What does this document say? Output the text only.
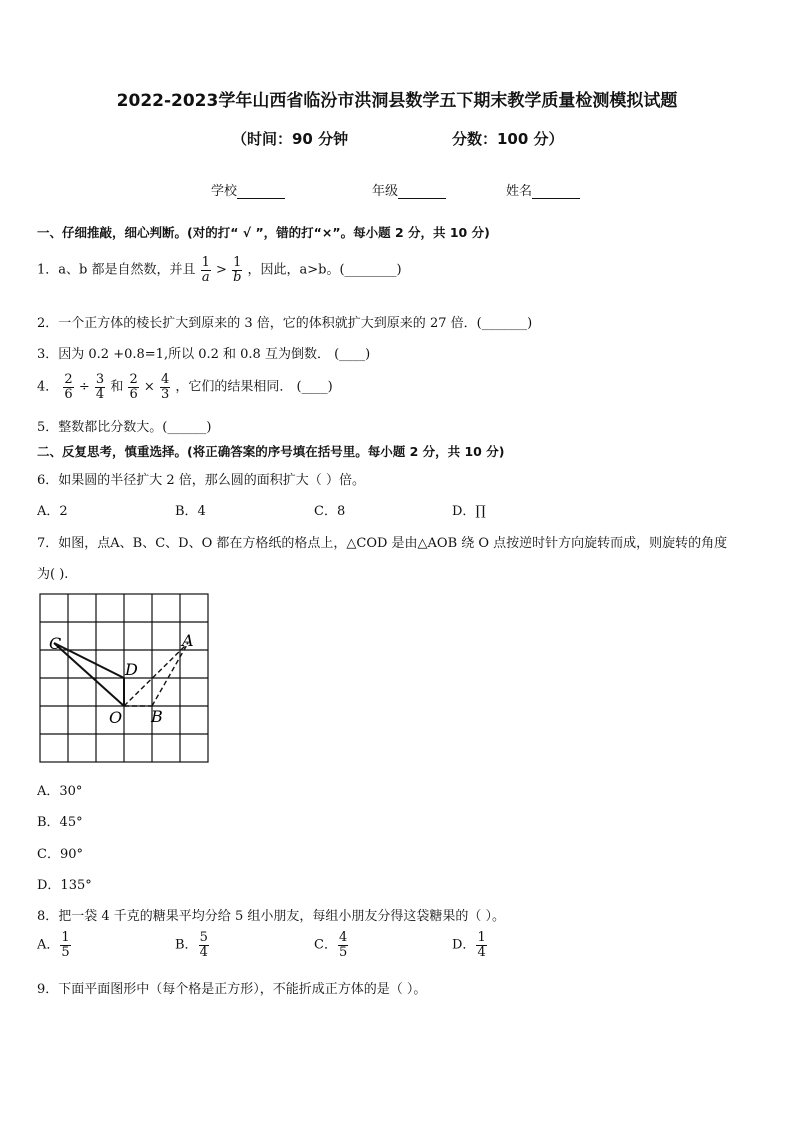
2022-2023学年山西省临汾市洪洞县数学五下期末教学质量检测模拟试题
（时间：90 分钟	分数：100 分）
学校	年级	姓名
一、仔细推敲，细心判断。(对的打“ √ ”，错的打“×”。每小题 2 分，共 10 分)
1．a、b 都是自然数，并且 $\frac{1}{a} > \frac{1}{b}$ ，因此，a>b。(________)
2．一个正方体的棱长扩大到原来的 3 倍，它的体积就扩大到原来的 27 倍．(_______)
3．因为 0.2 +0.8=1,所以 0.2 和 0.8 互为倒数． (____)
4． $\frac{2}{6} \div \frac{3}{4}$ 和 $\frac{2}{6} \times \frac{4}{3}$ ，它们的结果相同． (____)
5．整数都比分数大。(______)
二、反复思考，慎重选择。(将正确答案的序号填在括号里。每小题 2 分，共 10 分)
6．如果圆的半径扩大 2 倍，那么圆的面积扩大（ ）倍。
A．2	B．4	C．8	D．∏
7．如图，点A、B、C、D、O 都在方格纸的格点上，△COD 是由△AOB 绕 O 点按逆时针方向旋转而成，则旋转的角度
为( ).
C	A
D
O B
A．30°
B．45°
C．90°
D．135°
8．把一袋 4 千克的糖果平均分给 5 组小朋友，每组小朋友分得这袋糖果的（ ）。
A． $\frac{1}{5}$	B． $\frac{5}{4}$	C． $\frac{4}{5}$	D． $\frac{1}{4}$
9．下面平面图形中（每个格是正方形），不能折成正方体的是（ ）。
